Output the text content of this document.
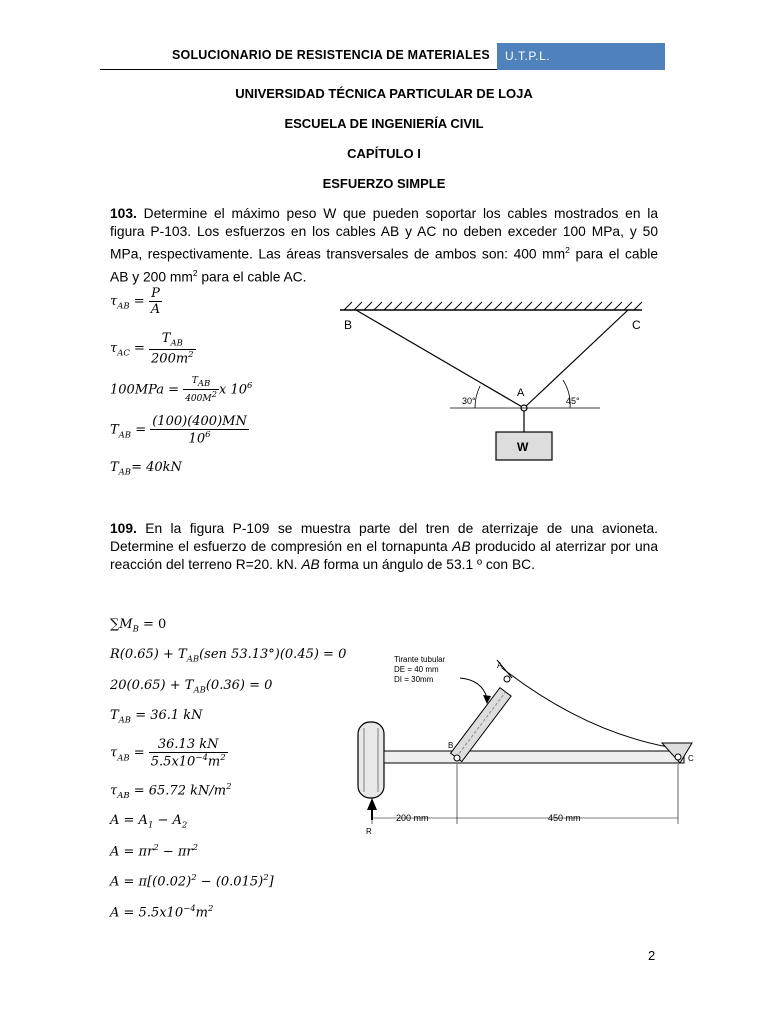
SOLUCIONARIO DE RESISTENCIA DE MATERIALES	U.T.P.L.
UNIVERSIDAD TÉCNICA PARTICULAR DE LOJA
ESCUELA DE INGENIERÍA CIVIL
CAPÍTULO I
ESFUERZO SIMPLE
103. Determine el máximo peso W que pueden soportar los cables mostrados en la figura P-103. Los esfuerzos en los cables AB y AC no deben exceder 100 MPa, y 50 MPa, respectivamente. Las áreas transversales de ambos son: 400 $mm^2$ para el cable AB y 200 $mm^2$ para el cable AC.
$\tau_{AB} = \frac{P}{A}$
$\tau_{AC} = \frac{T_{AB}}{200m^2}$
$100MPa = \frac{T_{AB}}{400M^2}$ x $10^6$
$T_{AB} = \frac{(100)(400)MN}{10^6}$
$T_{AB}= 40kN$
B	C
A
30°	45°
W
109. En la figura P-109 se muestra parte del tren de aterrizaje de una avioneta. Determine el esfuerzo de compresión en el tornapunta AB producido al aterrizar por una reacción del terreno R=20. kN. AB forma un ángulo de 53.1 º con BC.
$\sum M_B = 0$
$R(0.65) + T_{AB}(sen$ 53.13°)(0.45) = 0
$20(0.65) + T_{AB}(0.36) = 0$
$T_{AB} = 36.1$ kN
$\tau_{AB} = \frac{36.13 kN}{5.5x10^{-4}m^2}$
$\tau_{AB} = 65.72$ $kN/m^2$
$A = A_1 - A_2$
$A = \pi r^2 - \pi r^2$
$A = \pi[(0.02)^2 - (0.015)^2]$
$A = 5.5x10^{-4}m^2$
200 mm	450 mm
Tirante tubular
DE = 40 mm
DI = 30mm
A
B
C
R
2
